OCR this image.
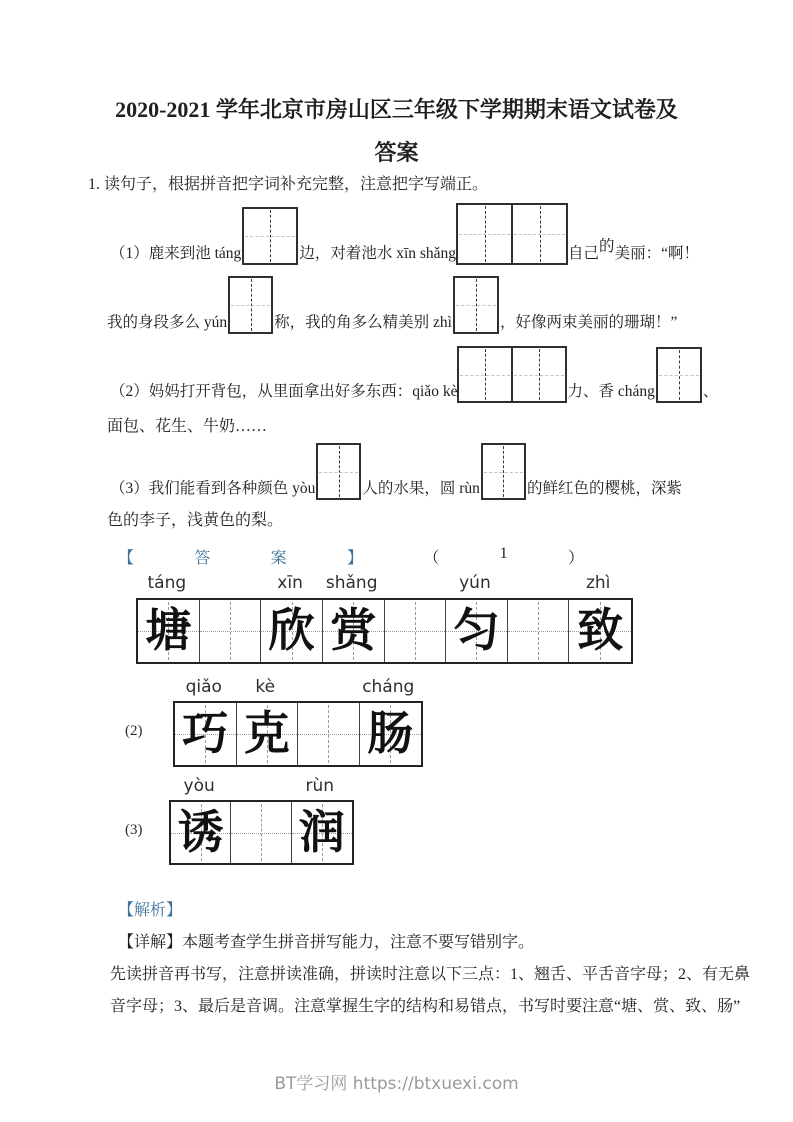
2020-2021 学年北京市房山区三年级下学期期末语文试卷及
答案
1. 读句子，根据拼音把字词补充完整，注意把字写端正。
（1）鹿来到池 táng	边，对着池水 xīn shǎng	自己的美丽：“啊！
我的身段多么 yún	称，我的角多么精美别 zhì	，好像两束美丽的珊瑚！”
（2）妈妈打开背包，从里面拿出好多东西：qiǎo kè	力、香 cháng	、
面包、花生、牛奶……
（3）我们能看到各种颜色 yòu	人的水果，圆 rùn	的鲜红色的樱桃，深紫
色的李子，浅黄色的梨。
【	答	案	】	（	1	）
táng	xīn	shǎng	yún	zhì
塘 欣 赏 匀 致
(2)
qiǎo	kè	cháng
巧 克 肠
(3)
yòu	rùn
诱 润
【解析】
【详解】本题考查学生拼音拼写能力，注意不要写错别字。
先读拼音再书写，注意拼读准确，拼读时注意以下三点：1、翘舌、平舌音字母；2、有无鼻
音字母；3、最后是音调。注意掌握生字的结构和易错点，书写时要注意“塘、赏、致、肠”
BT学习网 https://btxuexi.com
